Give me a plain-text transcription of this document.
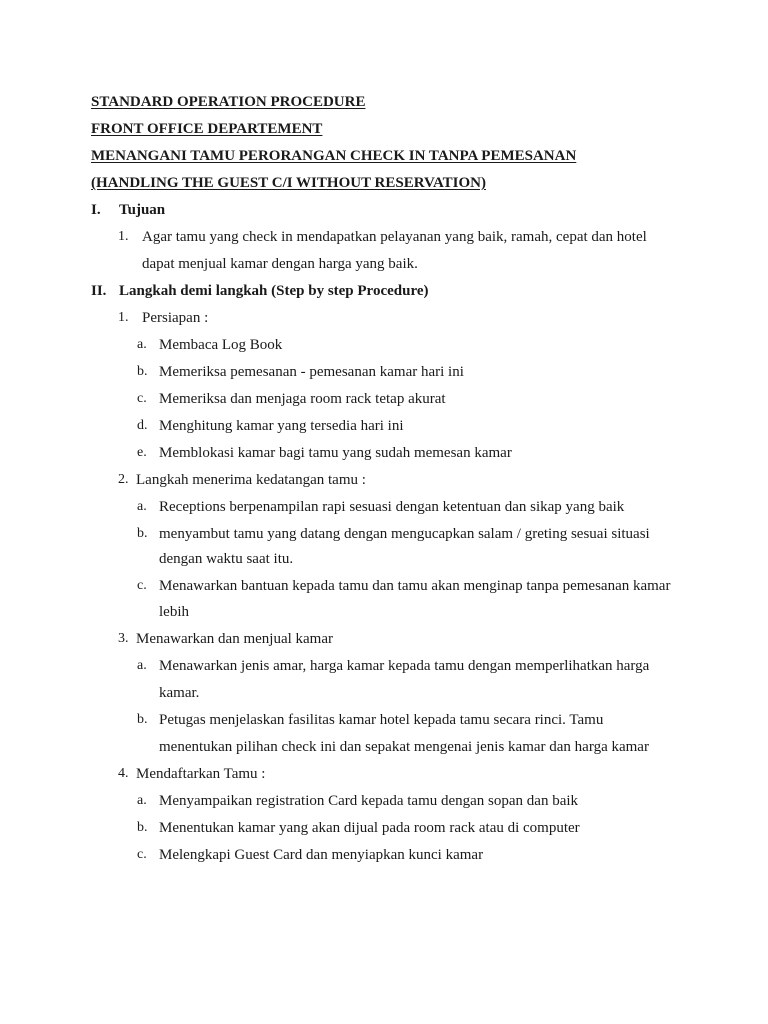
STANDARD OPERATION PROCEDURE
FRONT OFFICE DEPARTEMENT
MENANGANI TAMU PERORANGAN CHECK IN TANPA PEMESANAN
(HANDLING THE GUEST C/I WITHOUT RESERVATION)
I. Tujuan
1. Agar tamu yang check in mendapatkan pelayanan yang baik, ramah, cepat dan hotel
dapat menjual kamar dengan harga yang baik.
II. Langkah demi langkah (Step by step Procedure)
1. Persiapan :
a. Membaca Log Book
b. Memeriksa pemesanan - pemesanan kamar hari ini
c. Memeriksa dan menjaga room rack tetap akurat
d. Menghitung kamar yang tersedia hari ini
e. Memblokasi kamar bagi tamu yang sudah memesan kamar
2. Langkah menerima kedatangan tamu :
a. Receptions berpenampilan rapi sesuasi dengan ketentuan dan sikap yang baik
b. menyambut tamu yang datang dengan mengucapkan salam / greting sesuai situasi
dengan waktu saat itu.
c. Menawarkan bantuan kepada tamu dan tamu akan menginap tanpa pemesanan kamar
lebih
3. Menawarkan dan menjual kamar
a. Menawarkan jenis amar, harga kamar kepada tamu dengan memperlihatkan harga
kamar.
b. Petugas menjelaskan fasilitas kamar hotel kepada tamu secara rinci. Tamu
menentukan pilihan check ini dan sepakat mengenai jenis kamar dan harga kamar
4. Mendaftarkan Tamu :
a. Menyampaikan registration Card kepada tamu dengan sopan dan baik
b. Menentukan kamar yang akan dijual pada room rack atau di computer
c. Melengkapi Guest Card dan menyiapkan kunci kamar
